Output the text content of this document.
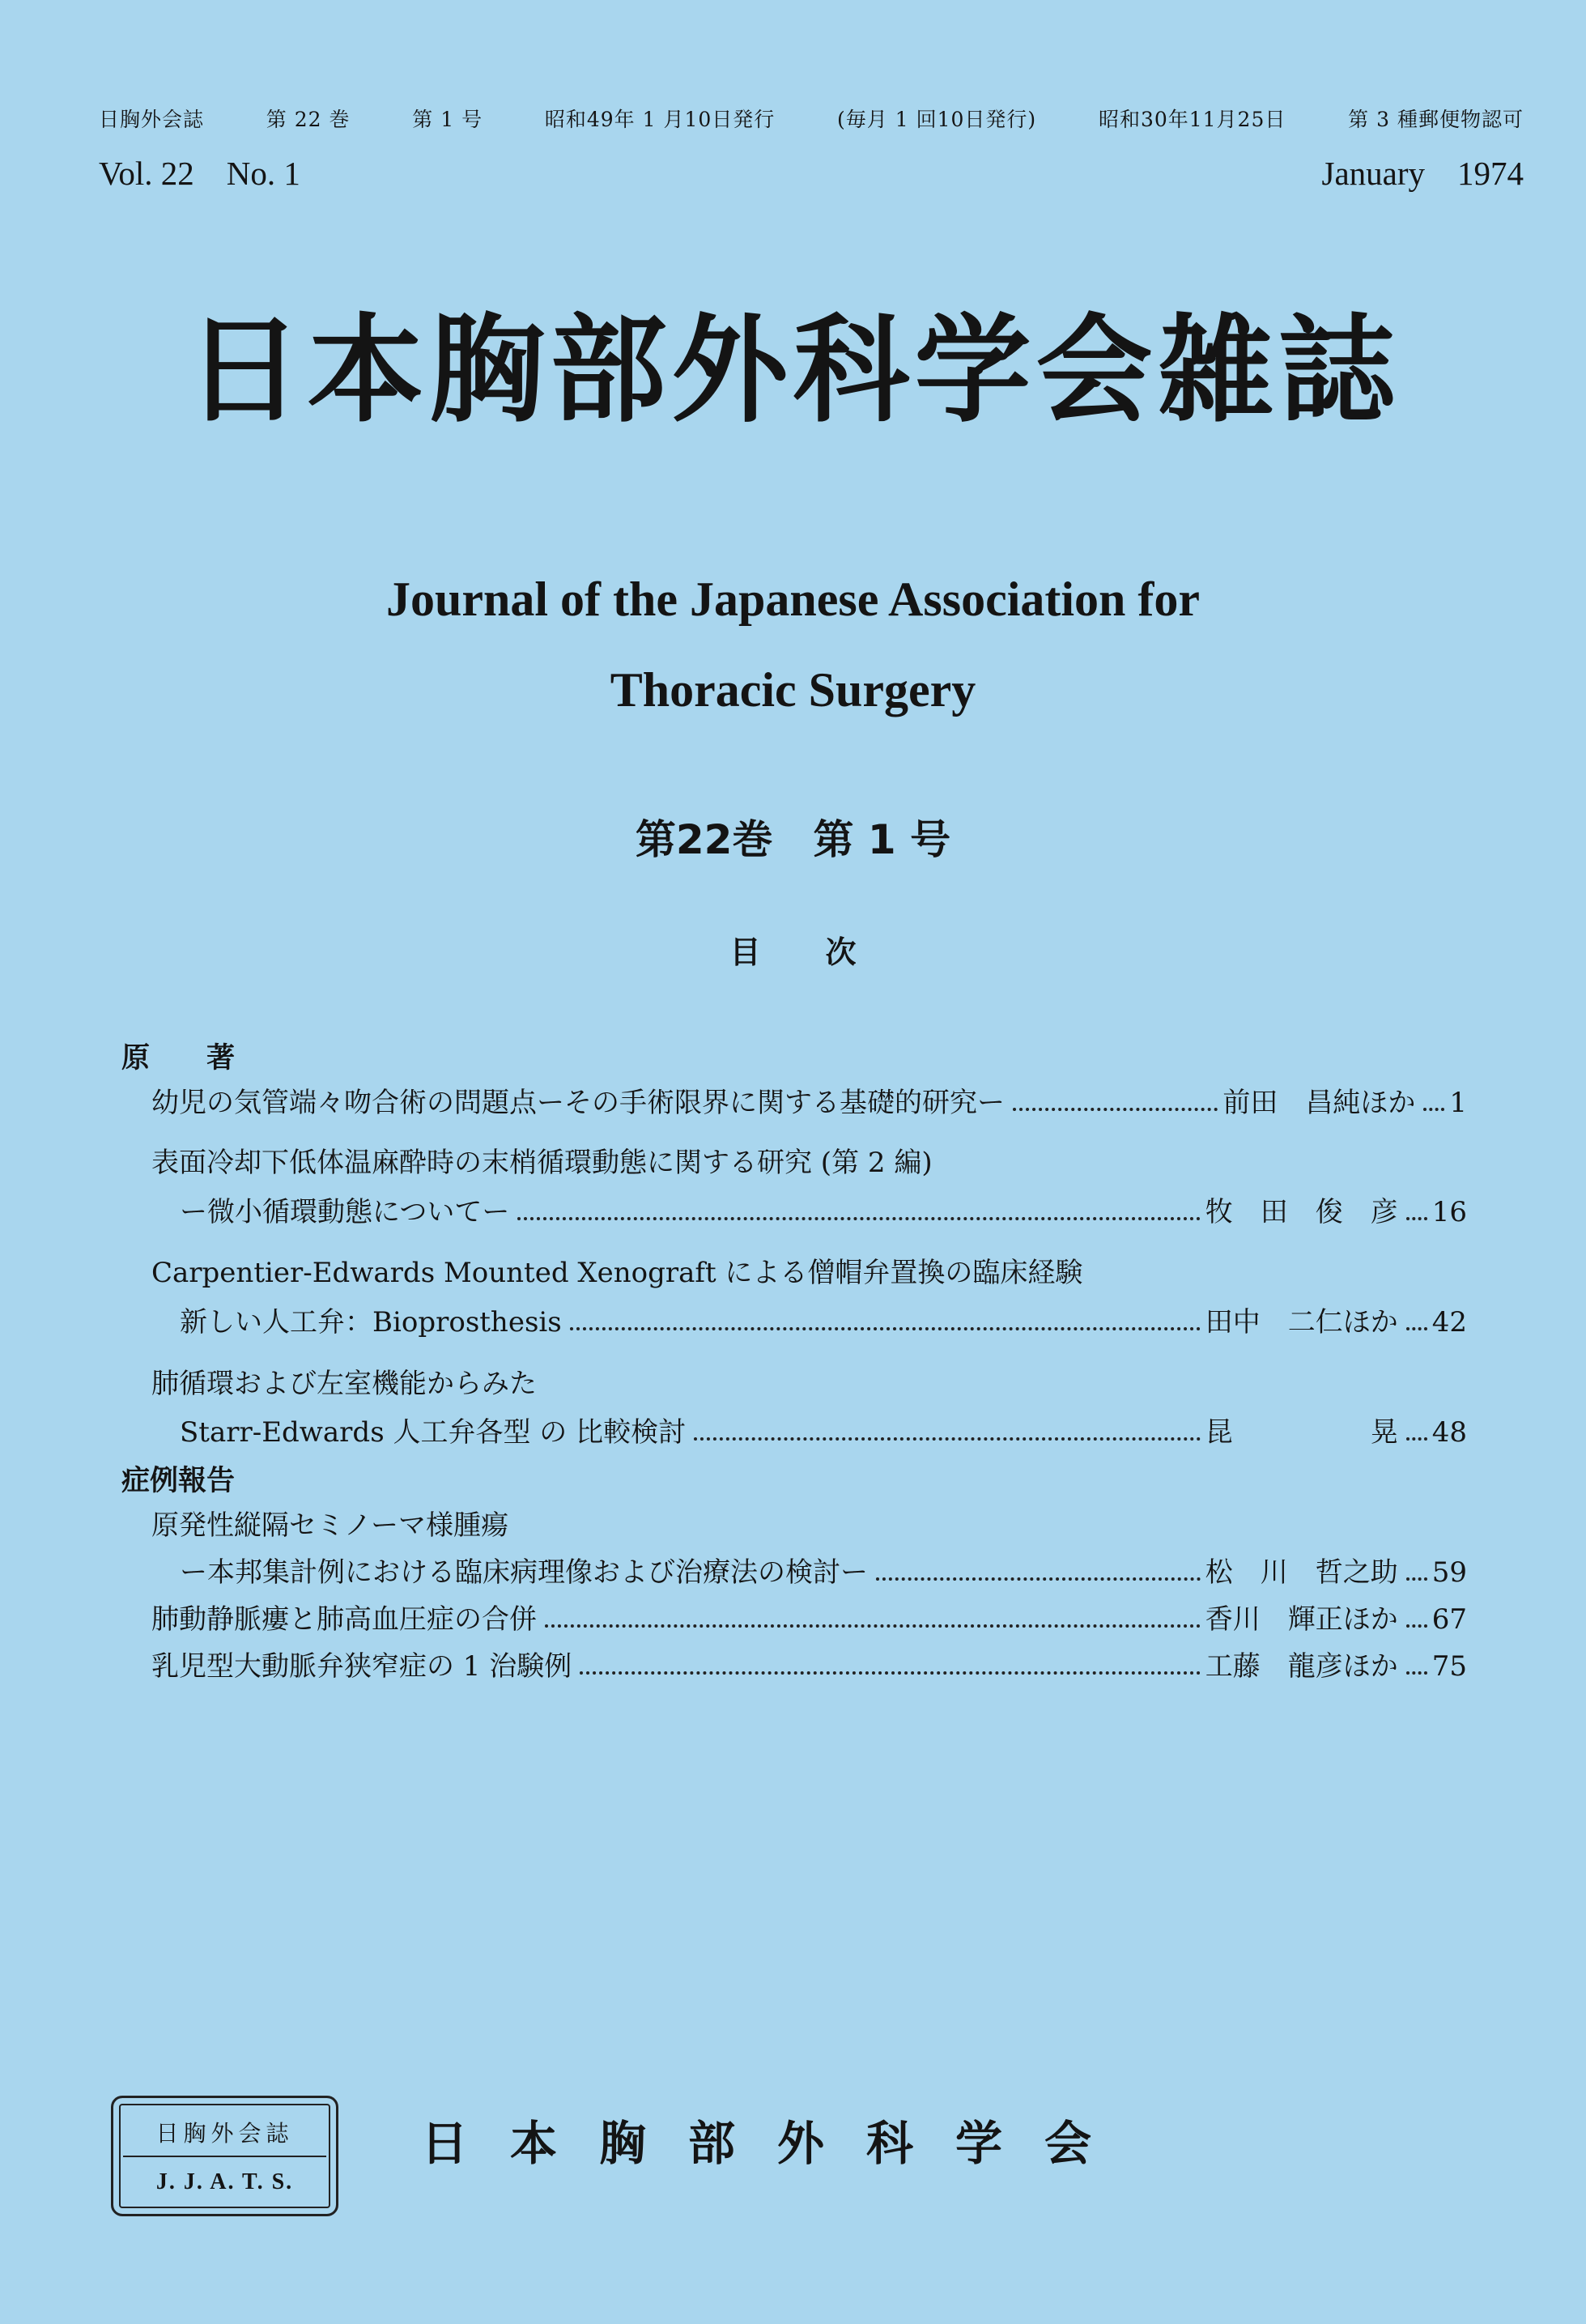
日胸外会誌	第 22 巻	第 1 号	昭和49年 1 月10日発行	(毎月 1 回10日発行)	昭和30年11月25日	第 3 種郵便物認可
Vol. 22 No. 1	January 1974
日本胸部外科学会雑誌
Journal of the Japanese Association for
Thoracic Surgery
第22巻 第 1 号
目 次
原 著
幼児の気管端々吻合術の問題点ーその手術限界に関する基礎的研究ー	前田　昌純ほか 1
表面冷却下低体温麻酔時の末梢循環動態に関する研究 (第 2 編)
ー微小循環動態についてー	牧　田　俊　彦 16
Carpentier-Edwards Mounted Xenograft による僧帽弁置換の臨床経験
新しい人工弁：Bioprosthesis	田中　二仁ほか 42
肺循環および左室機能からみた
Starr-Edwards 人工弁各型 の 比較検討	昆　　　　　晃 48
症例報告
原発性縦隔セミノーマ様腫瘍
ー本邦集計例における臨床病理像および治療法の検討ー	松　川　哲之助 59
肺動静脈瘻と肺高血圧症の合併	香川　輝正ほか 67
乳児型大動脈弁狭窄症の 1 治験例	工藤　龍彦ほか 75
日胸外会誌
J. J. A. T. S.
日本胸部外科学会
